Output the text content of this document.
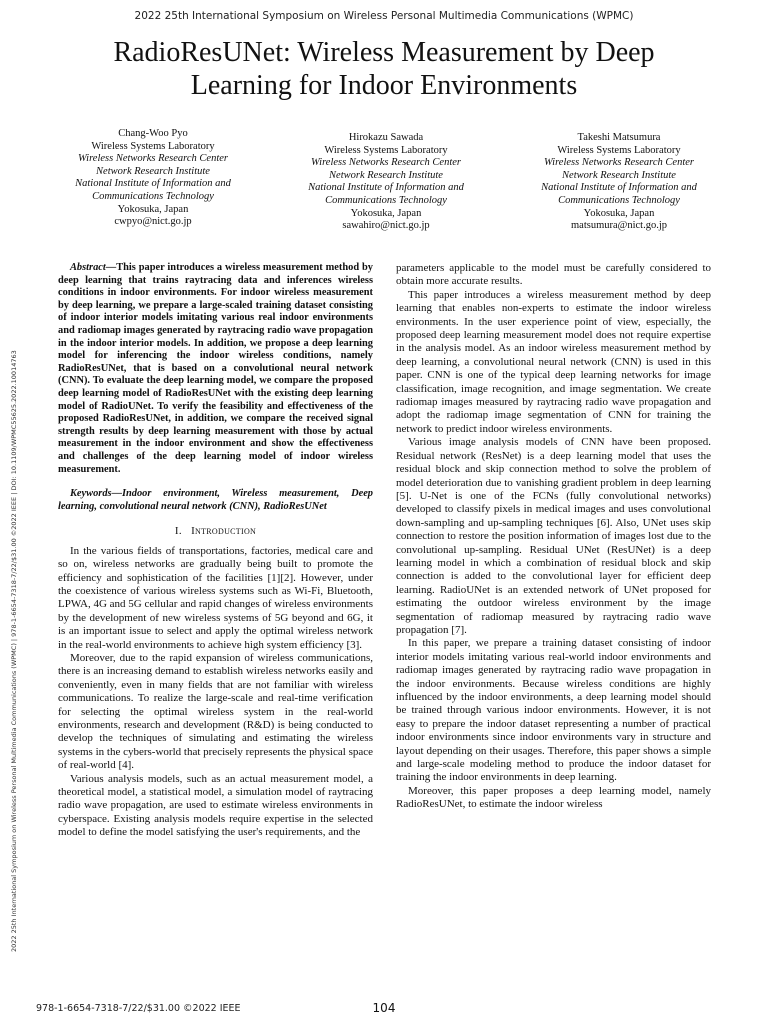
2022 25th International Symposium on Wireless Personal Multimedia Communications (WPMC)
RadioResUNet: Wireless Measurement by Deep Learning for Indoor Environments
Chang-Woo Pyo
Wireless Systems Laboratory
Wireless Networks Research Center
Network Research Institute
National Institute of Information and
Communications Technology
Yokosuka, Japan
cwpyo@nict.go.jp
Hirokazu Sawada
Wireless Systems Laboratory
Wireless Networks Research Center
Network Research Institute
National Institute of Information and
Communications Technology
Yokosuka, Japan
sawahiro@nict.go.jp
Takeshi Matsumura
Wireless Systems Laboratory
Wireless Networks Research Center
Network Research Institute
National Institute of Information and
Communications Technology
Yokosuka, Japan
matsumura@nict.go.jp
2022 25th International Symposium on Wireless Personal Multimedia Communications (WPMC) | 978-1-6654-7318-7/22/$31.00 ©2022 IEEE | DOI: 10.1109/WPMC55625.2022.10014763

Abstract—This paper introduces a wireless measurement method by deep learning that trains raytracing data and inferences wireless conditions in indoor environments. For indoor wireless measurement by deep learning, we prepare a large-scaled training dataset consisting of indoor interior models imitating various real indoor environments and radiomap images generated by raytracing radio wave propagation in the indoor interior models. In addition, we propose a deep learning model for inferencing the indoor wireless conditions, namely RadioResUNet, that is based on a convolutional neural network (CNN). To evaluate the deep learning model, we compare the proposed deep learning model of RadioResUNet with the existing deep learning model of RadioUNet. To verify the feasibility and effectiveness of the proposed RadioResUNet, in addition, we compare the received signal strength results by deep learning measurement with those by actual measurement in the indoor environment and show the effectiveness and challenges of the deep learning model of indoor wireless measurement.

Keywords—Indoor environment, Wireless measurement, Deep learning, convolutional neural network (CNN), RadioResUNet

I. Introduction

In the various fields of transportations, factories, medical care and so on, wireless networks are gradually being built to promote the efficiency and sophistication of the facilities [1][2]. However, under the coexistence of various wireless systems such as Wi-Fi, Bluetooth, LPWA, 4G and 5G cellular and rapid changes of wireless environments by the development of new wireless systems of 5G beyond and 6G, it is an important issue to select and apply the optimal wireless network in the real-world environments to achieve high system efficiency [3].

Moreover, due to the rapid expansion of wireless communications, there is an increasing demand to establish wireless networks easily and conveniently, even in many fields that are not familiar with wireless communications. To realize the large-scale and real-time verification for selecting the optimal wireless system in the real-world environments, research and development (R&D) is being conducted to develop the techniques of simulating and estimating the wireless systems in the cybers-world that precisely represents the physical space of real-world [4].

Various analysis models, such as an actual measurement model, a theoretical model, a statistical model, a simulation model of raytracing radio wave propagation, are used to estimate wireless environments in cyberspace. Existing analysis models require expertise in the selected model to define the model satisfying the user's requirements, and the

parameters applicable to the model must be carefully considered to obtain more accurate results.

This paper introduces a wireless measurement method by deep learning that enables non-experts to estimate the indoor wireless environments. In the user experience point of view, especially, the proposed deep learning measurement model does not require expertise in the analysis model. As an indoor wireless measurement method by deep learning, a convolutional neural network (CNN) is used in this paper. CNN is one of the typical deep learning networks for image classification, image recognition, and image segmentation. We create radiomap images measured by raytracing radio wave propagation and adopt the radiomap image segmentation of CNN for training the network to predict indoor wireless environments.

Various image analysis models of CNN have been proposed. Residual network (ResNet) is a deep learning model that uses the residual block and skip connection method to solve the problem of model deterioration due to vanishing gradient problem in deep learning [5]. U-Net is one of the FCNs (fully convolutional networks) developed to classify pixels in medical images and uses convolutional down-sampling and up-sampling techniques [6]. Also, UNet uses skip connection to restore the position information of images lost due to the convolutional up-sampling. Residual UNet (ResUNet) is a deep learning model in which a combination of residual block and skip connection is added to the convolutional layer for efficient deep learning. RadioUNet is an extended network of UNet proposed for estimating the outdoor wireless environment by the image segmentation of radiomap measured by raytracing radio wave propagation [7].

In this paper, we prepare a training dataset consisting of indoor interior models imitating various real-world indoor environments and radiomap images generated by raytracing radio wave propagation in the indoor environments. Because wireless conditions are highly influenced by the indoor environments, a deep learning model should be trained through various indoor environments. However, it is not easy to prepare the indoor dataset representing a number of practical indoor environments since indoor environments vary in structure and layout depending on their usages. Therefore, this paper shows a simple and large-scale modeling method to produce the indoor dataset for training the indoor environments in deep learning.

Moreover, this paper proposes a deep learning model, namely RadioResUNet, to estimate the indoor wireless

978-1-6654-7318-7/22/$31.00 ©2022 IEEE	104
